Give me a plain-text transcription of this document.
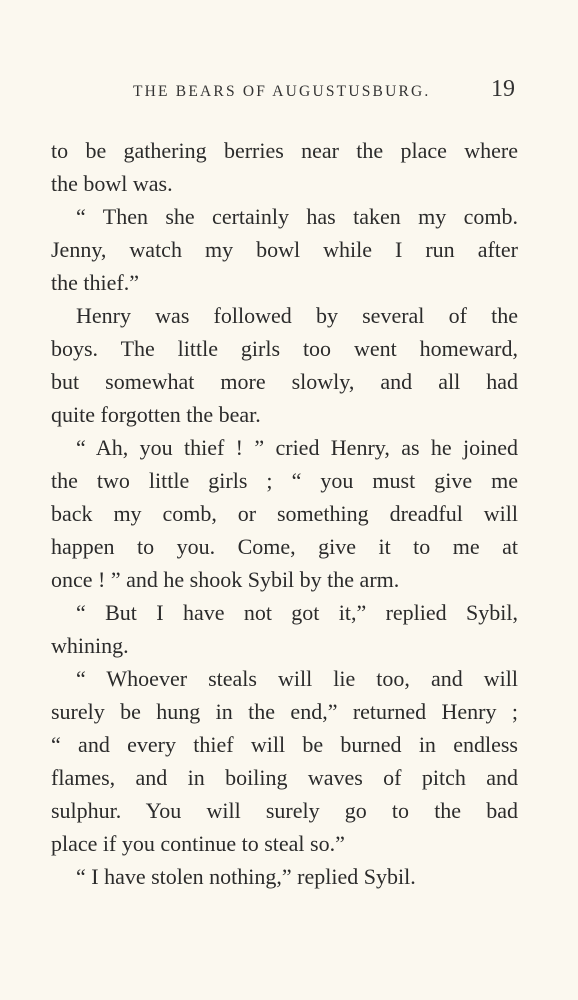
THE BEARS OF AUGUSTUSBURG.	19
to be gathering berries near the place where
the bowl was.
“ Then she certainly has taken my comb.
Jenny, watch my bowl while I run after
the thief.”
Henry was followed by several of the
boys. The little girls too went homeward,
but somewhat more slowly, and all had
quite forgotten the bear.
“ Ah, you thief ! ” cried Henry, as he joined
the two little girls ; “ you must give me
back my comb, or something dreadful will
happen to you. Come, give it to me at
once ! ” and he shook Sybil by the arm.
“ But I have not got it,” replied Sybil,
whining.
“ Whoever steals will lie too, and will
surely be hung in the end,” returned Henry ;
“ and every thief will be burned in endless
flames, and in boiling waves of pitch and
sulphur. You will surely go to the bad
place if you continue to steal so.”
“ I have stolen nothing,” replied Sybil.
